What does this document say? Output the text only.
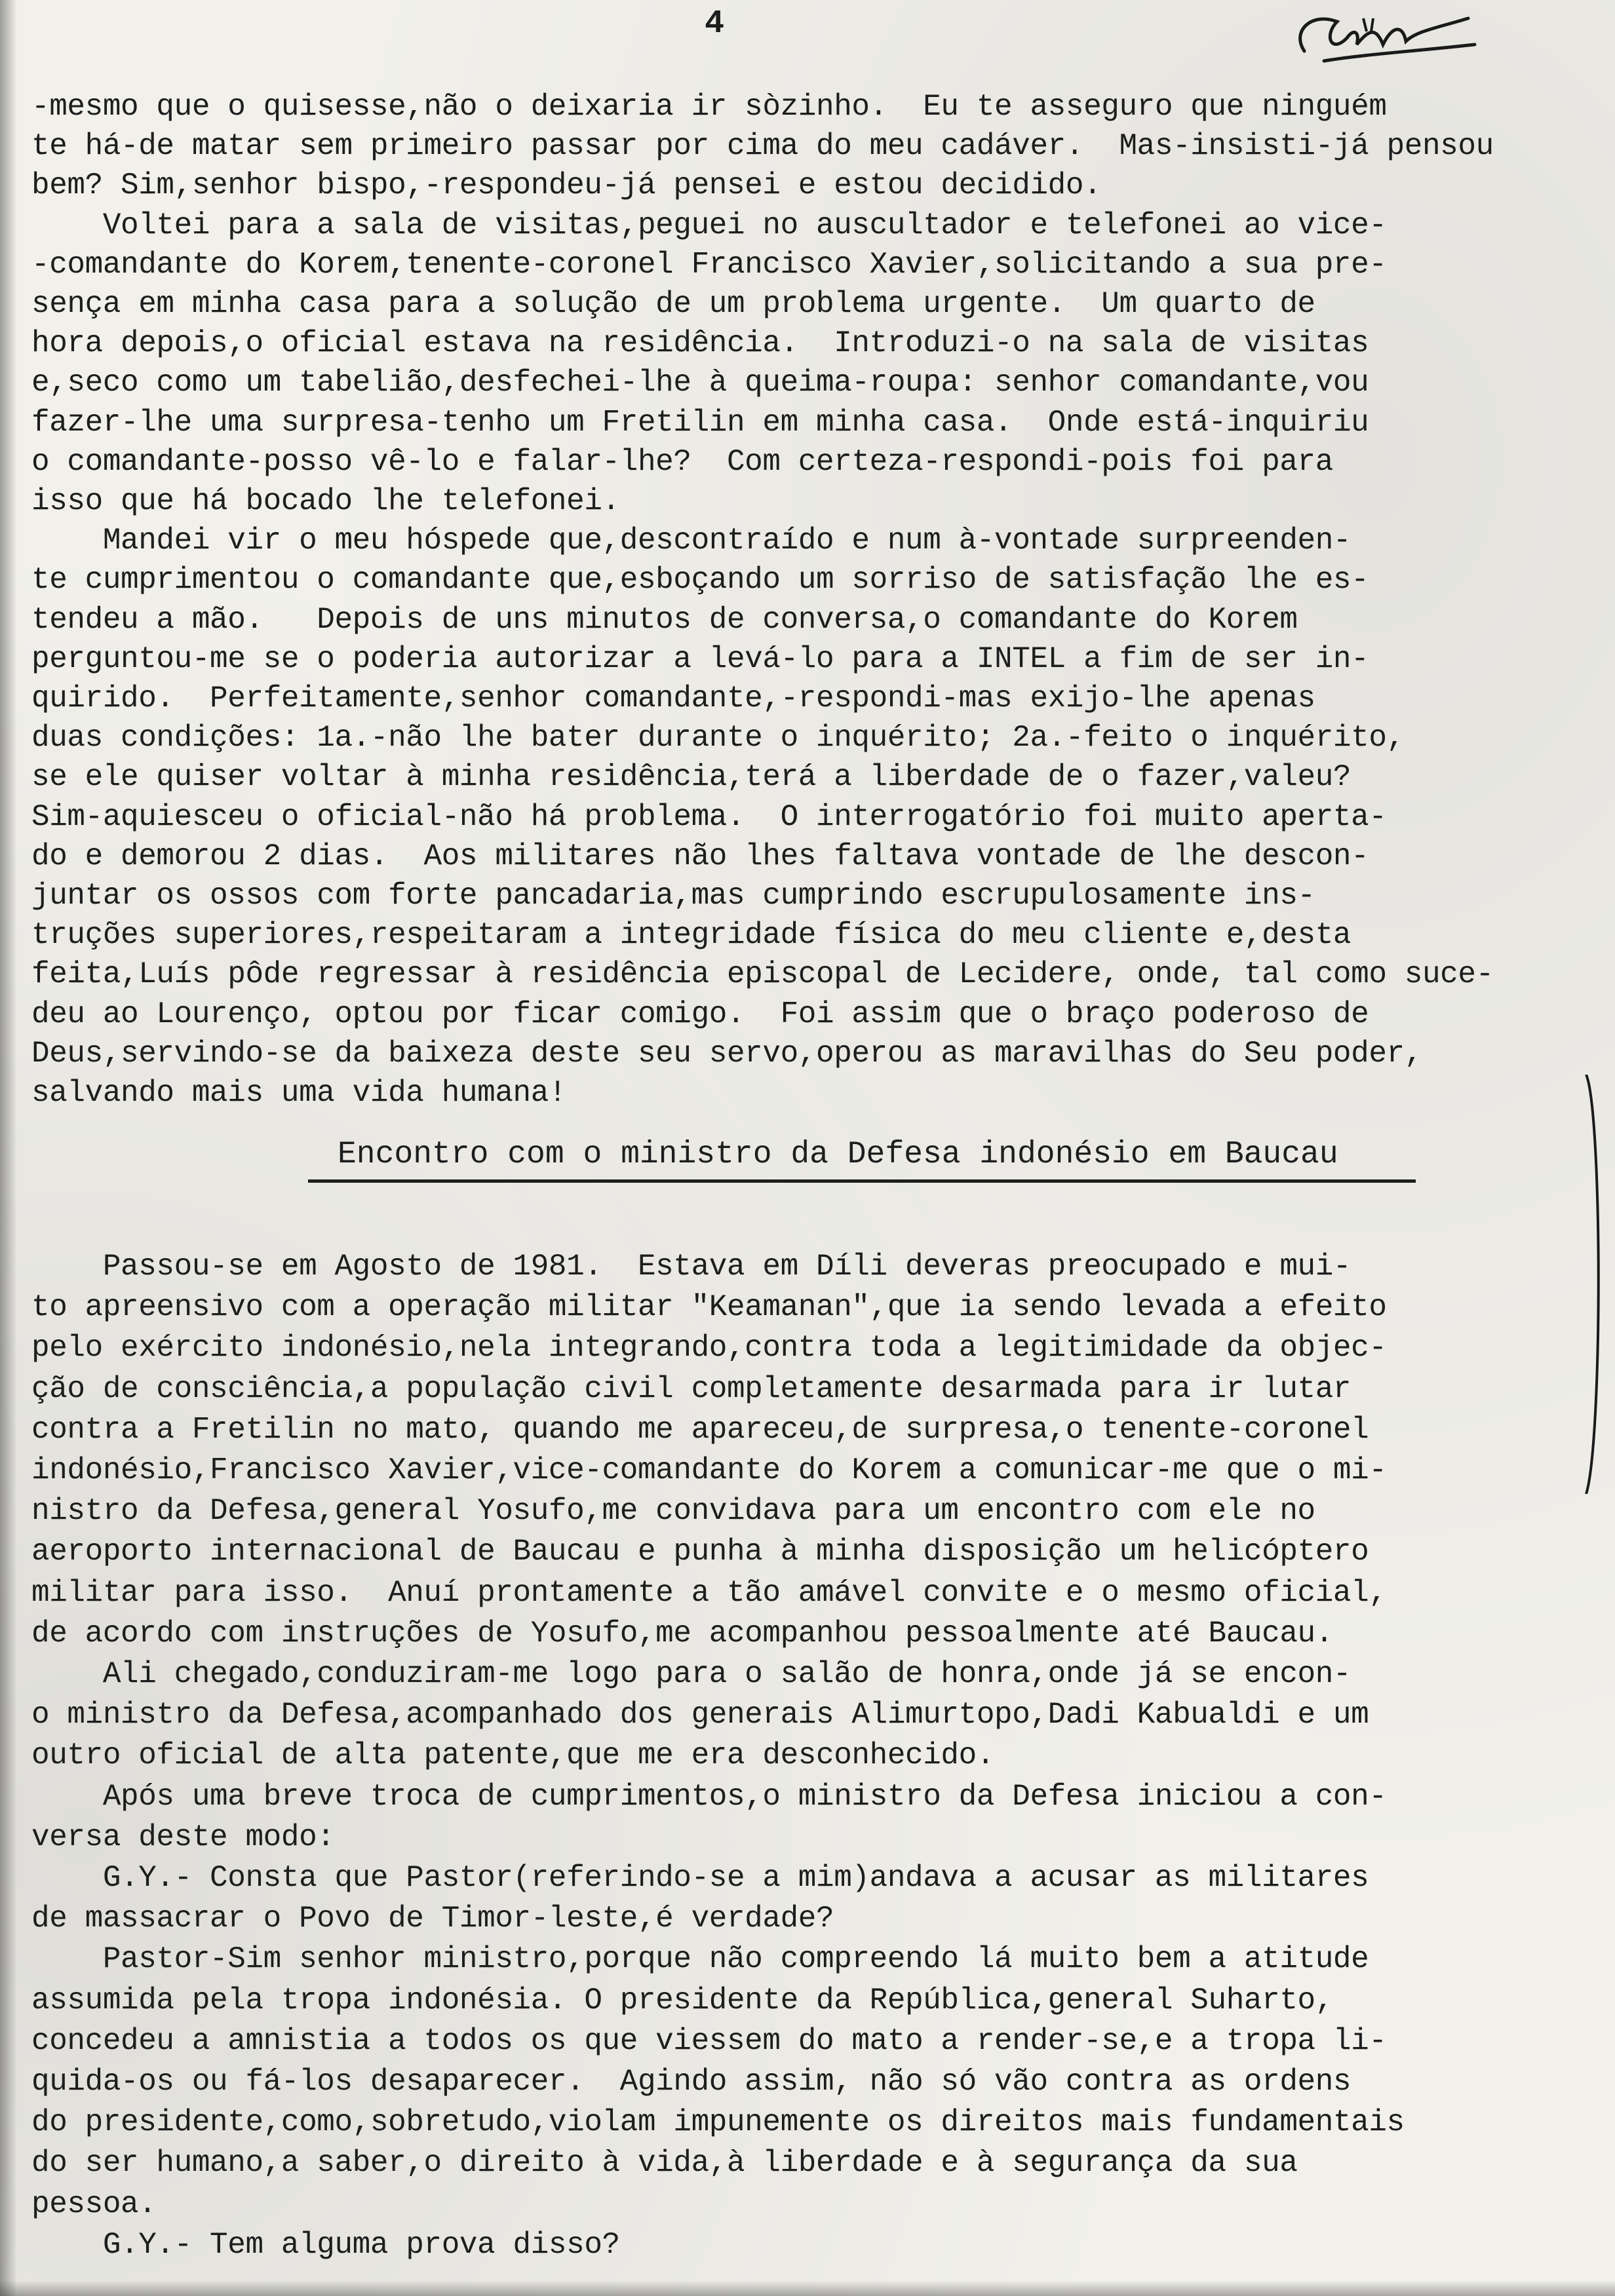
4
-mesmo que o quisesse,não o deixaria ir sòzinho.  Eu te asseguro que ninguém
te há-de matar sem primeiro passar por cima do meu cadáver.  Mas-insisti-já pensou
bem? Sim,senhor bispo,-respondeu-já pensei e estou decidido.
Voltei para a sala de visitas,peguei no auscultador e telefonei ao vice-
-comandante do Korem,tenente-coronel Francisco Xavier,solicitando a sua pre-
sença em minha casa para a solução de um problema urgente.  Um quarto de
hora depois,o oficial estava na residência.  Introduzi-o na sala de visitas
e,seco como um tabelião,desfechei-lhe à queima-roupa: senhor comandante,vou
fazer-lhe uma surpresa-tenho um Fretilin em minha casa.  Onde está-inquiriu
o comandante-posso vê-lo e falar-lhe?  Com certeza-respondi-pois foi para
isso que há bocado lhe telefonei.
Mandei vir o meu hóspede que,descontraído e num à-vontade surpreenden-
te cumprimentou o comandante que,esboçando um sorriso de satisfação lhe es-
tendeu a mão.   Depois de uns minutos de conversa,o comandante do Korem
perguntou-me se o poderia autorizar a levá-lo para a INTEL a fim de ser in-
quirido.  Perfeitamente,senhor comandante,-respondi-mas exijo-lhe apenas
duas condições: 1a.-não lhe bater durante o inquérito; 2a.-feito o inquérito,
se ele quiser voltar à minha residência,terá a liberdade de o fazer,valeu?
Sim-aquiesceu o oficial-não há problema.  O interrogatório foi muito aperta-
do e demorou 2 dias.  Aos militares não lhes faltava vontade de lhe descon-
juntar os ossos com forte pancadaria,mas cumprindo escrupulosamente ins-
truções superiores,respeitaram a integridade física do meu cliente e,desta
feita,Luís pôde regressar à residência episcopal de Lecidere, onde, tal como suce-
deu ao Lourenço, optou por ficar comigo.  Foi assim que o braço poderoso de
Deus,servindo-se da baixeza deste seu servo,operou as maravilhas do Seu poder,
salvando mais uma vida humana!
Encontro com o ministro da Defesa indonésio em Baucau
Passou-se em Agosto de 1981.  Estava em Díli deveras preocupado e mui-
to apreensivo com a operação militar "Keamanan",que ia sendo levada a efeito
pelo exército indonésio,nela integrando,contra toda a legitimidade da objec-
ção de consciência,a população civil completamente desarmada para ir lutar
contra a Fretilin no mato, quando me apareceu,de surpresa,o tenente-coronel
indonésio,Francisco Xavier,vice-comandante do Korem a comunicar-me que o mi-
nistro da Defesa,general Yosufo,me convidava para um encontro com ele no
aeroporto internacional de Baucau e punha à minha disposição um helicóptero
militar para isso.  Anuí prontamente a tão amável convite e o mesmo oficial,
de acordo com instruções de Yosufo,me acompanhou pessoalmente até Baucau.
Ali chegado,conduziram-me logo para o salão de honra,onde já se encon-
o ministro da Defesa,acompanhado dos generais Alimurtopo,Dadi Kabualdi e um
outro oficial de alta patente,que me era desconhecido.
Após uma breve troca de cumprimentos,o ministro da Defesa iniciou a con-
versa deste modo:
G.Y.- Consta que Pastor(referindo-se a mim)andava a acusar as militares
de massacrar o Povo de Timor-leste,é verdade?
Pastor-Sim senhor ministro,porque não compreendo lá muito bem a atitude
assumida pela tropa indonésia. O presidente da República,general Suharto,
concedeu a amnistia a todos os que viessem do mato a render-se,e a tropa li-
quida-os ou fá-los desaparecer.  Agindo assim, não só vão contra as ordens
do presidente,como,sobretudo,violam impunemente os direitos mais fundamentais
do ser humano,a saber,o direito à vida,à liberdade e à segurança da sua
pessoa.
G.Y.- Tem alguma prova disso?
